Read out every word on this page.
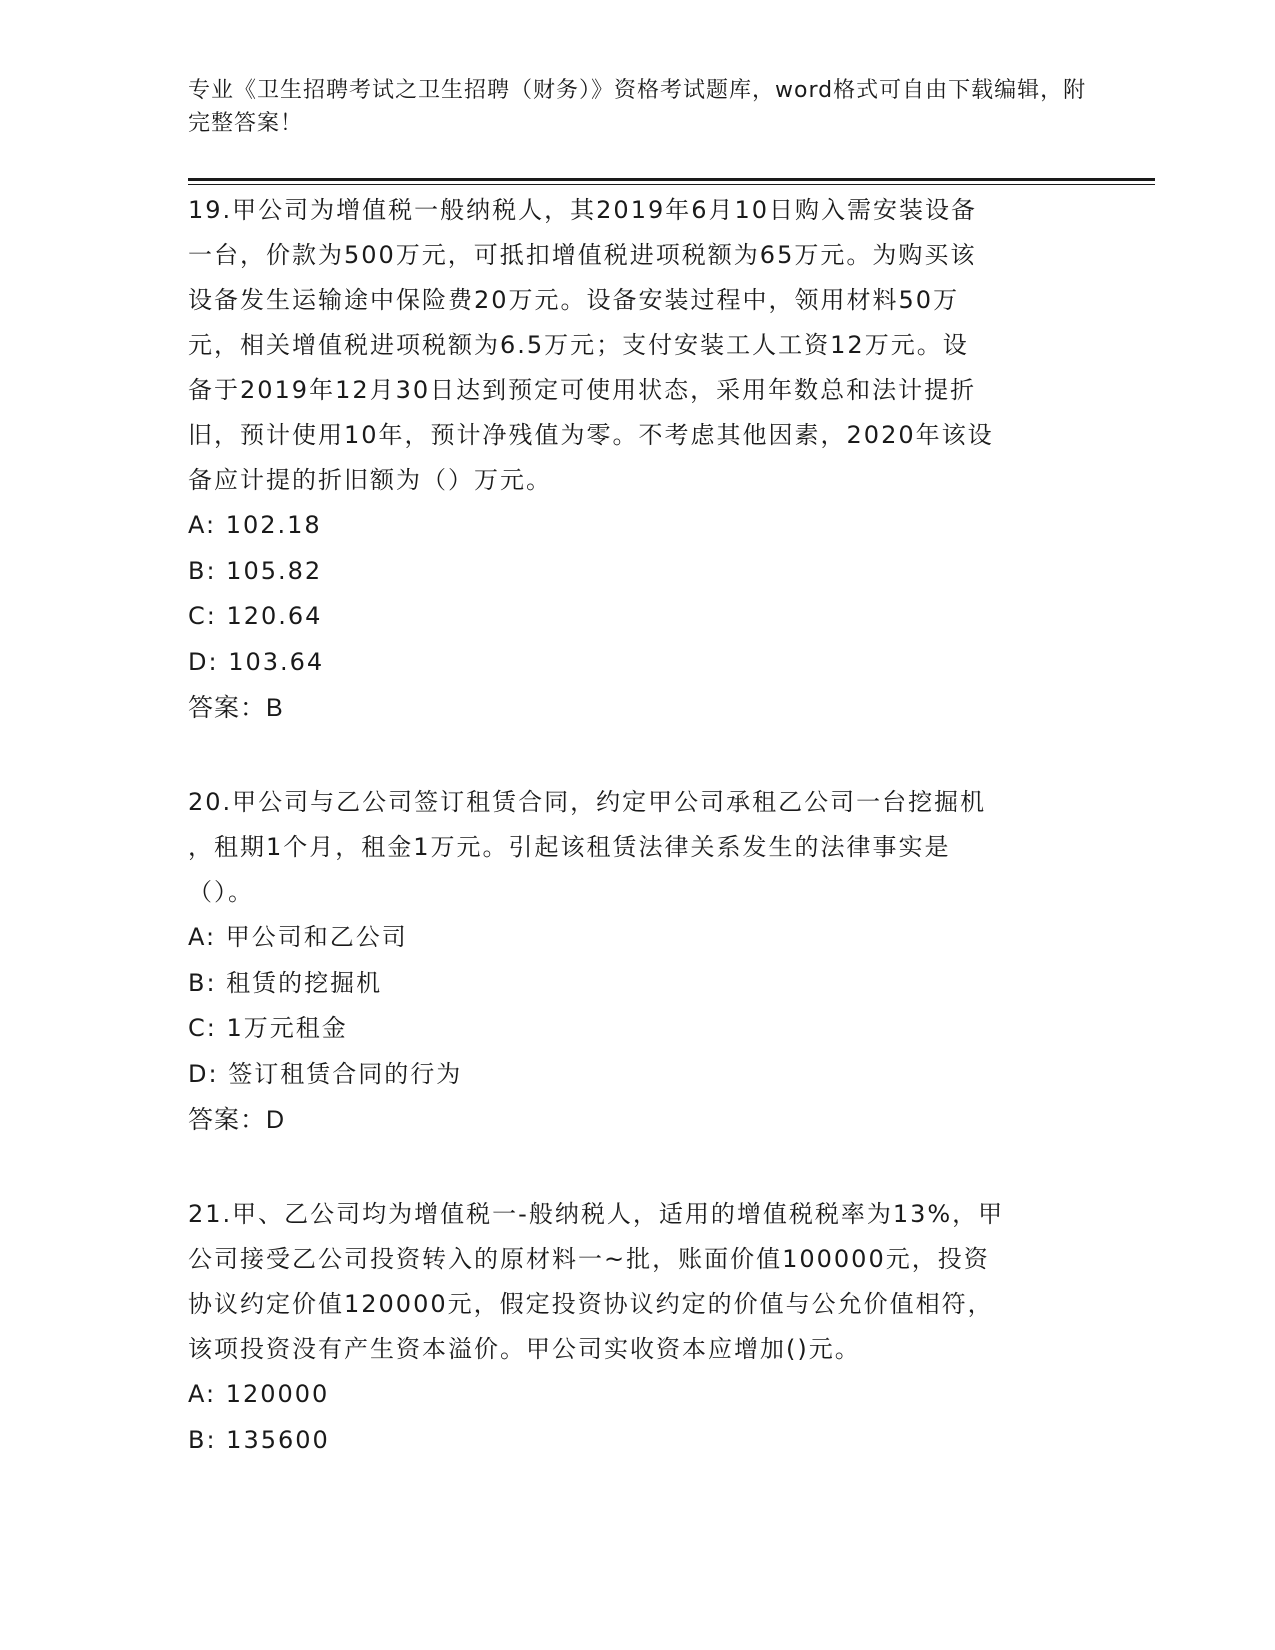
专业《卫生招聘考试之卫生招聘（财务）》资格考试题库，word格式可自由下载编辑，附完整答案！

19.甲公司为增值税一般纳税人，其2019年6月10日购入需安装设备

一台，价款为500万元，可抵扣增值税进项税额为65万元。为购买该

设备发生运输途中保险费20万元。设备安装过程中，领用材料50万

元，相关增值税进项税额为6.5万元；支付安装工人工资12万元。设

备于2019年12月30日达到预定可使用状态，采用年数总和法计提折

旧，预计使用10年，预计净残值为零。不考虑其他因素，2020年该设

备应计提的折旧额为（）万元。

A: 102.18

B: 105.82

C: 120.64

D: 103.64

答案：B

20.甲公司与乙公司签订租赁合同，约定甲公司承租乙公司一台挖掘机

，租期1个月，租金1万元。引起该租赁法律关系发生的法律事实是

（）。

A: 甲公司和乙公司

B: 租赁的挖掘机

C: 1万元租金

D: 签订租赁合同的行为

答案：D

21.甲、乙公司均为增值税一-般纳税人，适用的增值税税率为13%，甲

公司接受乙公司投资转入的原材料一~批，账面价值100000元，投资

协议约定价值120000元，假定投资协议约定的价值与公允价值相符，

该项投资没有产生资本溢价。甲公司实收资本应增加()元。

A: 120000

B: 135600
